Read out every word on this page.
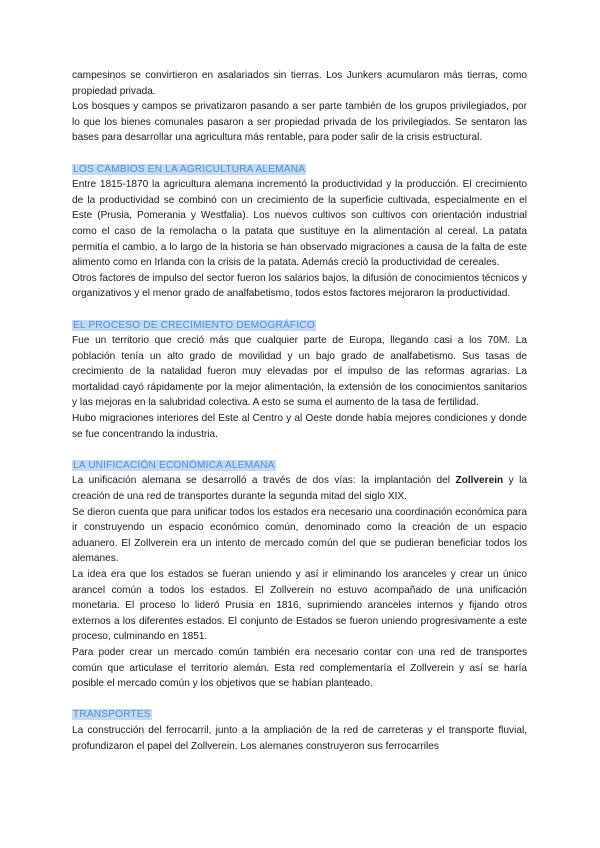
campesinos se convirtieron en asalariados sin tierras. Los Junkers acumularon más tierras, como propiedad privada.

Los bosques y campos se privatizaron pasando a ser parte también de los grupos privilegiados, por lo que los bienes comunales pasaron a ser propiedad privada de los privilegiados. Se sentaron las bases para desarrollar una agricultura más rentable, para poder salir de la crisis estructural.

LOS CAMBIOS EN LA AGRICULTURA ALEMANA

Entre 1815-1870 la agricultura alemana incrementó la productividad y la producción. El crecimiento de la productividad se combinó con un crecimiento de la superficie cultivada, especialmente en el Este (Prusia, Pomerania y Westfalia). Los nuevos cultivos son cultivos con orientación industrial como el caso de la remolacha o la patata que sustituye en la alimentación al cereal. La patata permitía el cambio, a lo largo de la historia se han observado migraciones a causa de la falta de este alimento como en Irlanda con la crisis de la patata. Además creció la productividad de cereales.

Otros factores de impulso del sector fueron los salarios bajos, la difusión de conocimientos técnicos y organizativos y el menor grado de analfabetismo, todos estos factores mejoraron la productividad.

EL PROCESO DE CRECIMIENTO DEMOGRÁFICO

Fue un territorio que creció más que cualquier parte de Europa, llegando casi a los 70M. La población tenía un alto grado de movilidad y un bajo grado de analfabetismo. Sus tasas de crecimiento de la natalidad fueron muy elevadas por el impulso de las reformas agrarias. La mortalidad cayó rápidamente por la mejor alimentación, la extensión de los conocimientos sanitarios y las mejoras en la salubridad colectiva. A esto se suma el aumento de la tasa de fertilidad.

Hubo migraciones interiores del Este al Centro y al Oeste donde había mejores condiciones y donde se fue concentrando la industria.

LA UNIFICACIÓN ECONÓMICA ALEMANA

La unificación alemana se desarrolló a través de dos vías: la implantación del Zollverein y la creación de una red de transportes durante la segunda mitad del siglo XIX.

Se dieron cuenta que para unificar todos los estados era necesario una coordinación económica para ir construyendo un espacio económico común, denominado como la creación de un espacio aduanero. El Zollverein era un intento de mercado común del que se pudieran beneficiar todos los alemanes.

La idea era que los estados se fueran uniendo y así ir eliminando los aranceles y crear un único arancel común a todos los estados. El Zollverein no estuvo acompañado de una unificación monetaria. El proceso lo lideró Prusia en 1816, suprimiendo aranceles internos y fijando otros externos a los diferentes estados. El conjunto de Estados se fueron uniendo progresivamente a este proceso, culminando en 1851.

Para poder crear un mercado común también era necesario contar con una red de transportes común que articulase el territorio alemán. Esta red complementaría el Zollverein y así se haría posible el mercado común y los objetivos que se habían planteado.

TRANSPORTES

La construcción del ferrocarril, junto a la ampliación de la red de carreteras y el transporte fluvial, profundizaron el papel del Zollverein. Los alemanes construyeron sus ferrocarriles
